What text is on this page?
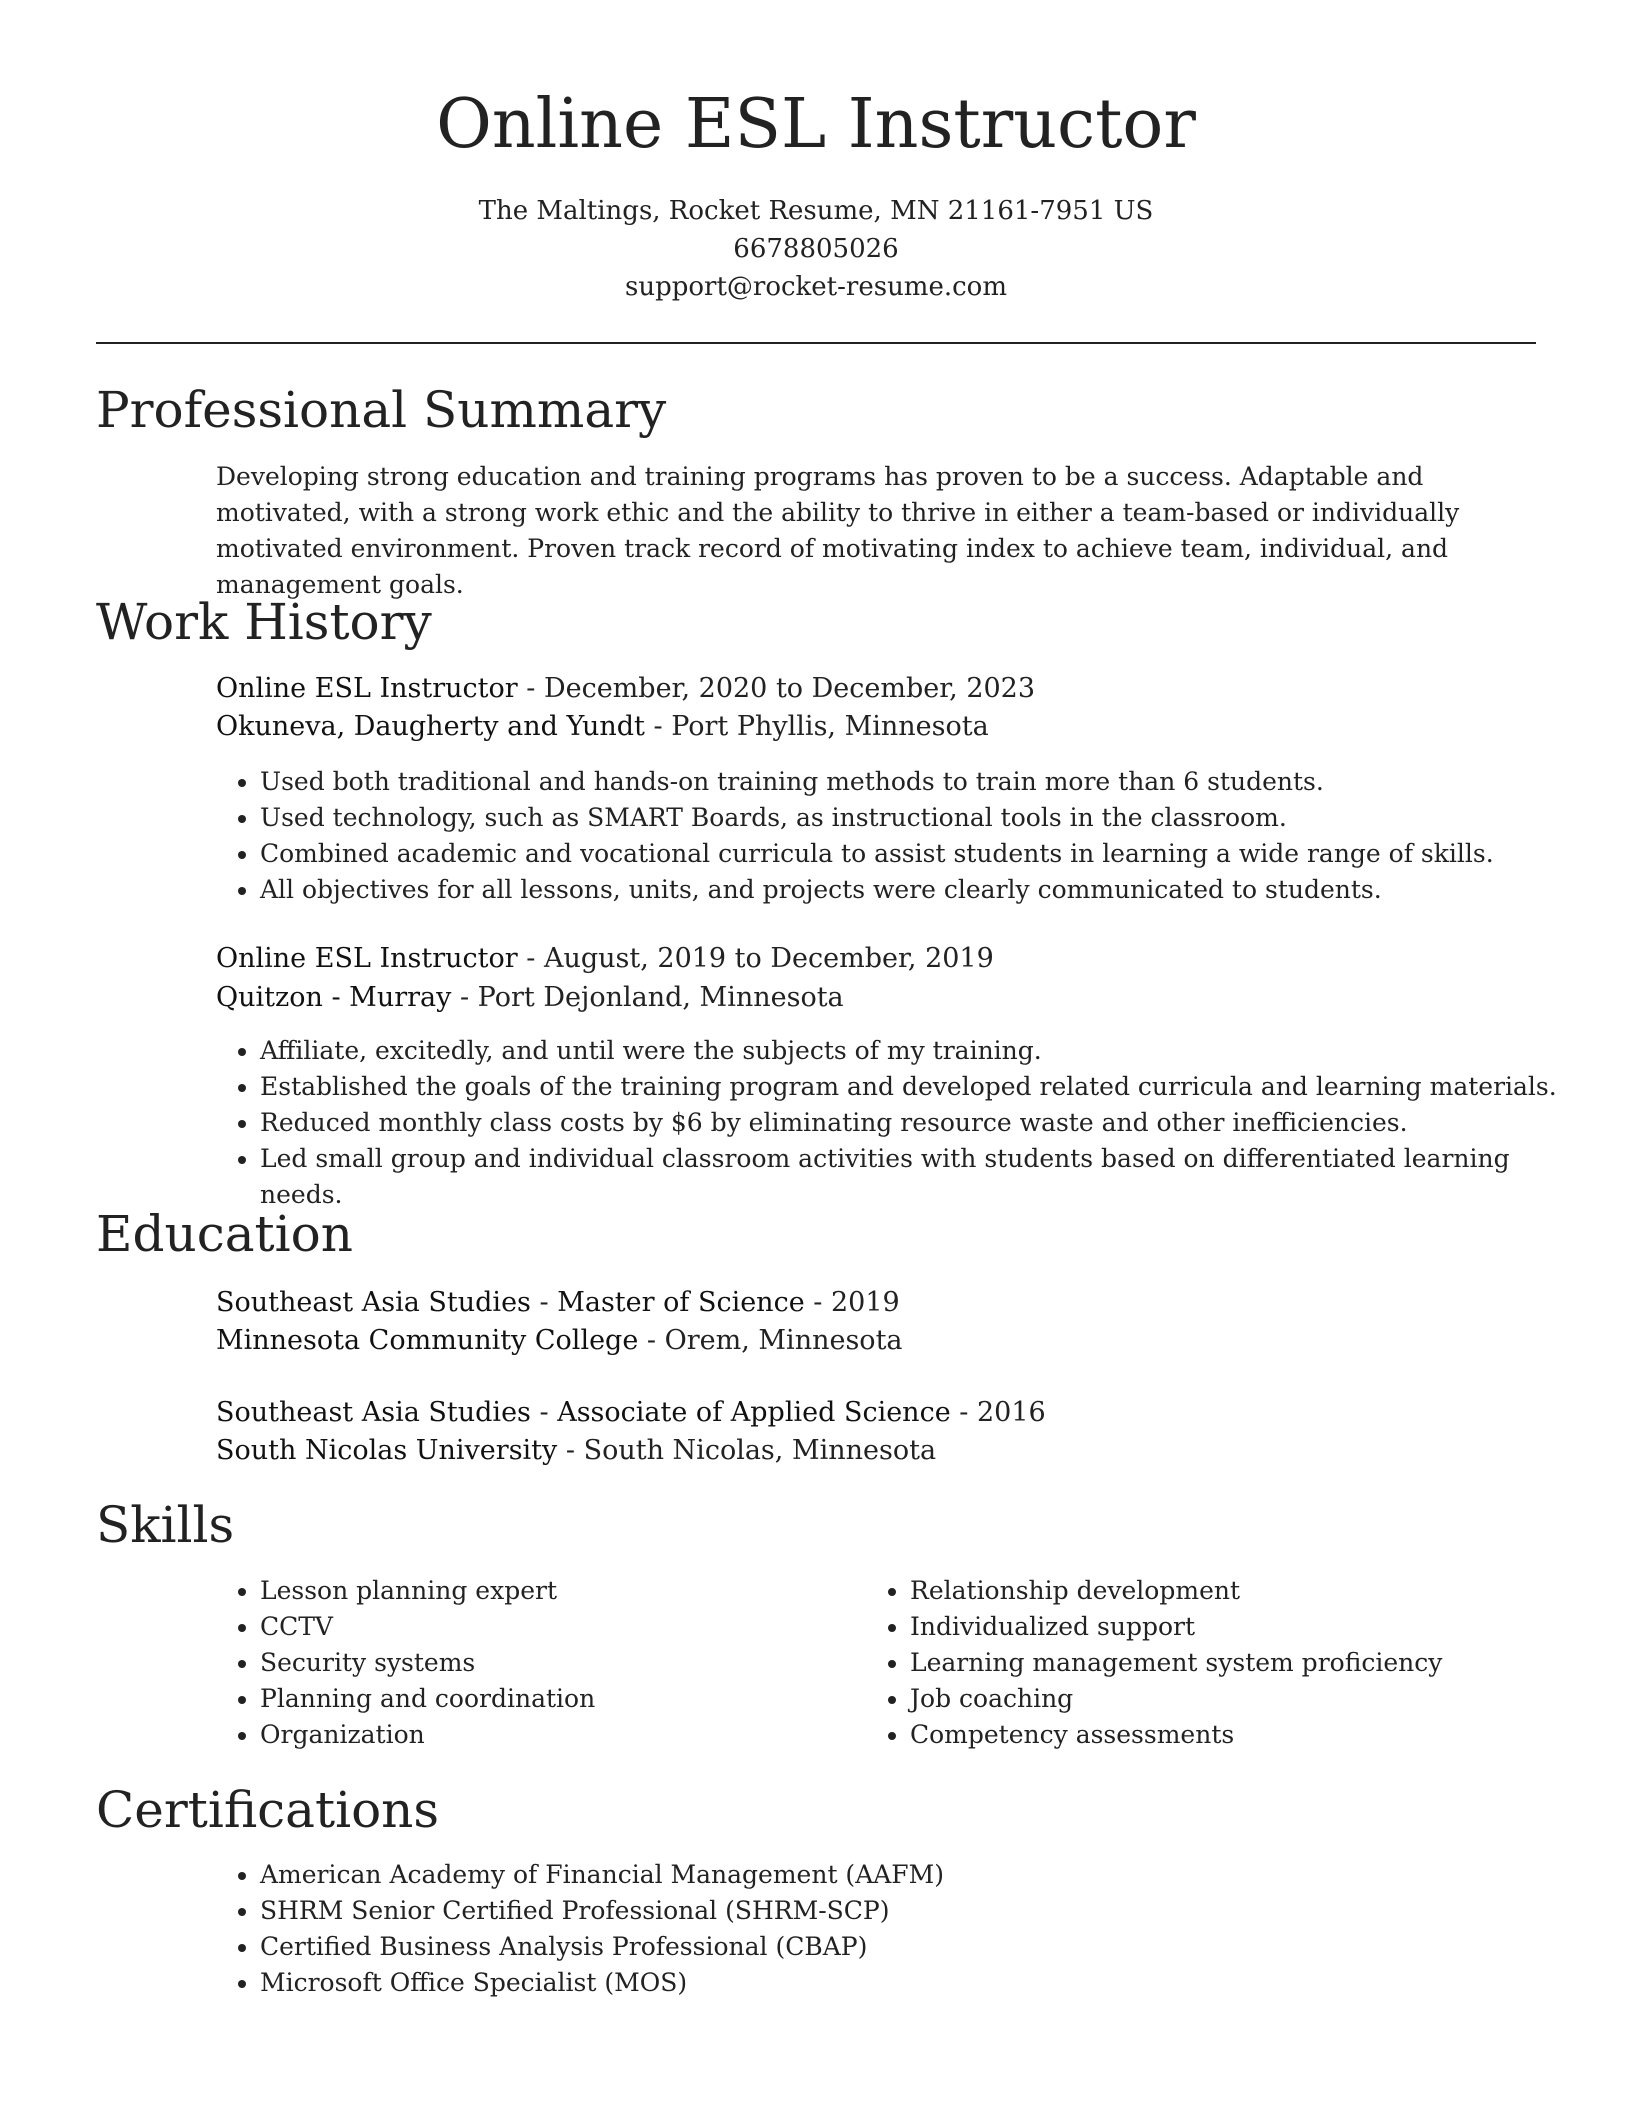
Online ESL Instructor
The Maltings, Rocket Resume, MN 21161-7951 US
6678805026
support@rocket-resume.com
Professional Summary

Developing strong education and training programs has proven to be a success. Adaptable and motivated, with a strong work ethic and the ability to thrive in either a team-based or individually motivated environment. Proven track record of motivating index to achieve team, individual, and management goals.

Work History
Online ESL Instructor - December, 2020 to December, 2023
Okuneva, Daugherty and Yundt - Port Phyllis, Minnesota
• Used both traditional and hands-on training methods to train more than 6 students.
• Used technology, such as SMART Boards, as instructional tools in the classroom.
• Combined academic and vocational curricula to assist students in learning a wide range of skills.
• All objectives for all lessons, units, and projects were clearly communicated to students.
Online ESL Instructor - August, 2019 to December, 2019
Quitzon - Murray - Port Dejonland, Minnesota
• Affiliate, excitedly, and until were the subjects of my training.
• Established the goals of the training program and developed related curricula and learning materials.
• Reduced monthly class costs by $6 by eliminating resource waste and other inefficiencies.
• Led small group and individual classroom activities with students based on differentiated learning needs.
Education
Southeast Asia Studies - Master of Science - 2019
Minnesota Community College - Orem, Minnesota
Southeast Asia Studies - Associate of Applied Science - 2016
South Nicolas University - South Nicolas, Minnesota
Skills
• Lesson planning expert
• CCTV
• Security systems
• Planning and coordination
• Organization
• Relationship development
• Individualized support
• Learning management system proficiency
• Job coaching
• Competency assessments
Certifications
• American Academy of Financial Management (AAFM)
• SHRM Senior Certified Professional (SHRM-SCP)
• Certified Business Analysis Professional (CBAP)
• Microsoft Office Specialist (MOS)
